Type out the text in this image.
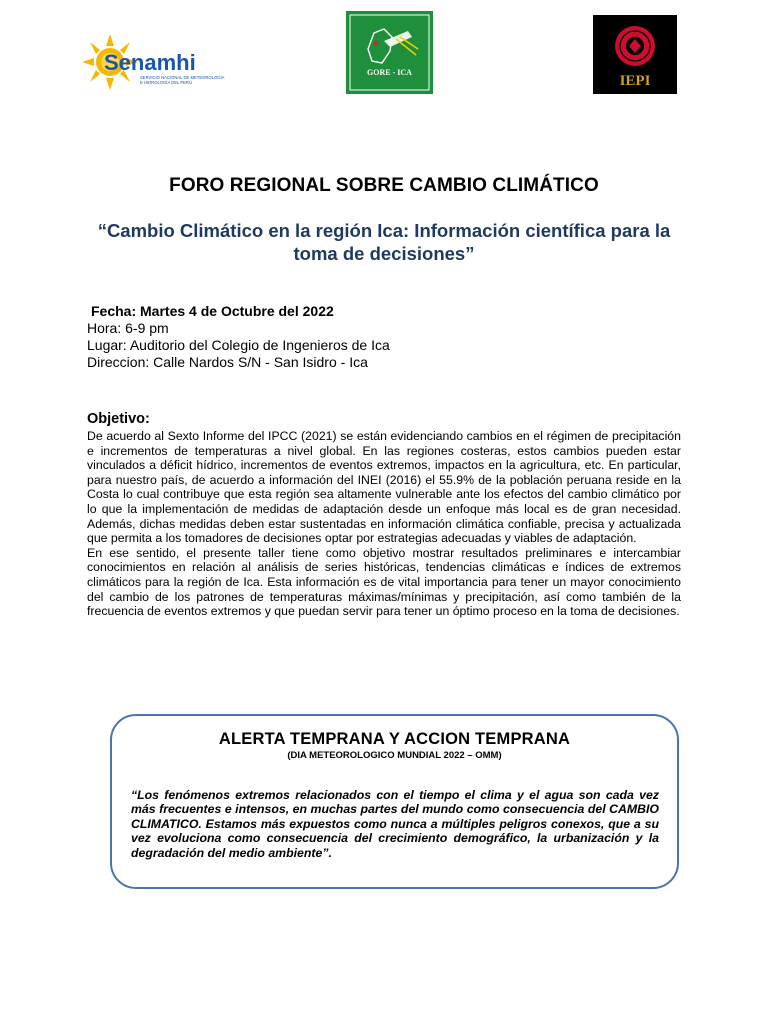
Senamhi
SERVICIO NACIONAL DE METEOROLOGÍA
E HIDROLOGÍA DEL PERÚ
GORE - ICA
IEPI
FORO REGIONAL SOBRE CAMBIO CLIMÁTICO
“Cambio Climático en la región Ica: Información científica para la toma de decisiones”
Fecha: Martes 4 de Octubre del 2022
Hora: 6-9 pm
Lugar: Auditorio del Colegio de Ingenieros de Ica
Direccion: Calle Nardos S/N - San Isidro - Ica
Objetivo:

De acuerdo al Sexto Informe del IPCC (2021) se están evidenciando cambios en el régimen de precipitación e incrementos de temperaturas a nivel global. En las regiones costeras, estos cambios pueden estar vinculados a déficit hídrico, incrementos de eventos extremos, impactos en la agricultura, etc. En particular, para nuestro país, de acuerdo a información del INEI (2016) el 55.9% de la población peruana reside en la Costa lo cual contribuye que esta región sea altamente vulnerable ante los efectos del cambio climático por lo que la implementación de medidas de adaptación desde un enfoque más local es de gran necesidad. Además, dichas medidas deben estar sustentadas en información climática confiable, precisa y actualizada que permita a los tomadores de decisiones optar por estrategias adecuadas y viables de adaptación.

En ese sentido, el presente taller tiene como objetivo mostrar resultados preliminares e intercambiar conocimientos en relación al análisis de series históricas, tendencias climáticas e índices de extremos climáticos para la región de Ica. Esta información es de vital importancia para tener un mayor conocimiento del cambio de los patrones de temperaturas máximas/mínimas y precipitación, así como también de la frecuencia de eventos extremos y que puedan servir para tener un óptimo proceso en la toma de decisiones.

ALERTA TEMPRANA Y ACCION TEMPRANA
(DIA METEOROLOGICO MUNDIAL 2022 – OMM)
“Los fenómenos extremos relacionados con el tiempo el clima y el agua son cada vez más frecuentes e intensos, en muchas partes del mundo como consecuencia del CAMBIO CLIMATICO. Estamos más expuestos como nunca a múltiples peligros conexos, que a su vez evoluciona como consecuencia del crecimiento demográfico, la urbanización y la degradación del medio ambiente”.
